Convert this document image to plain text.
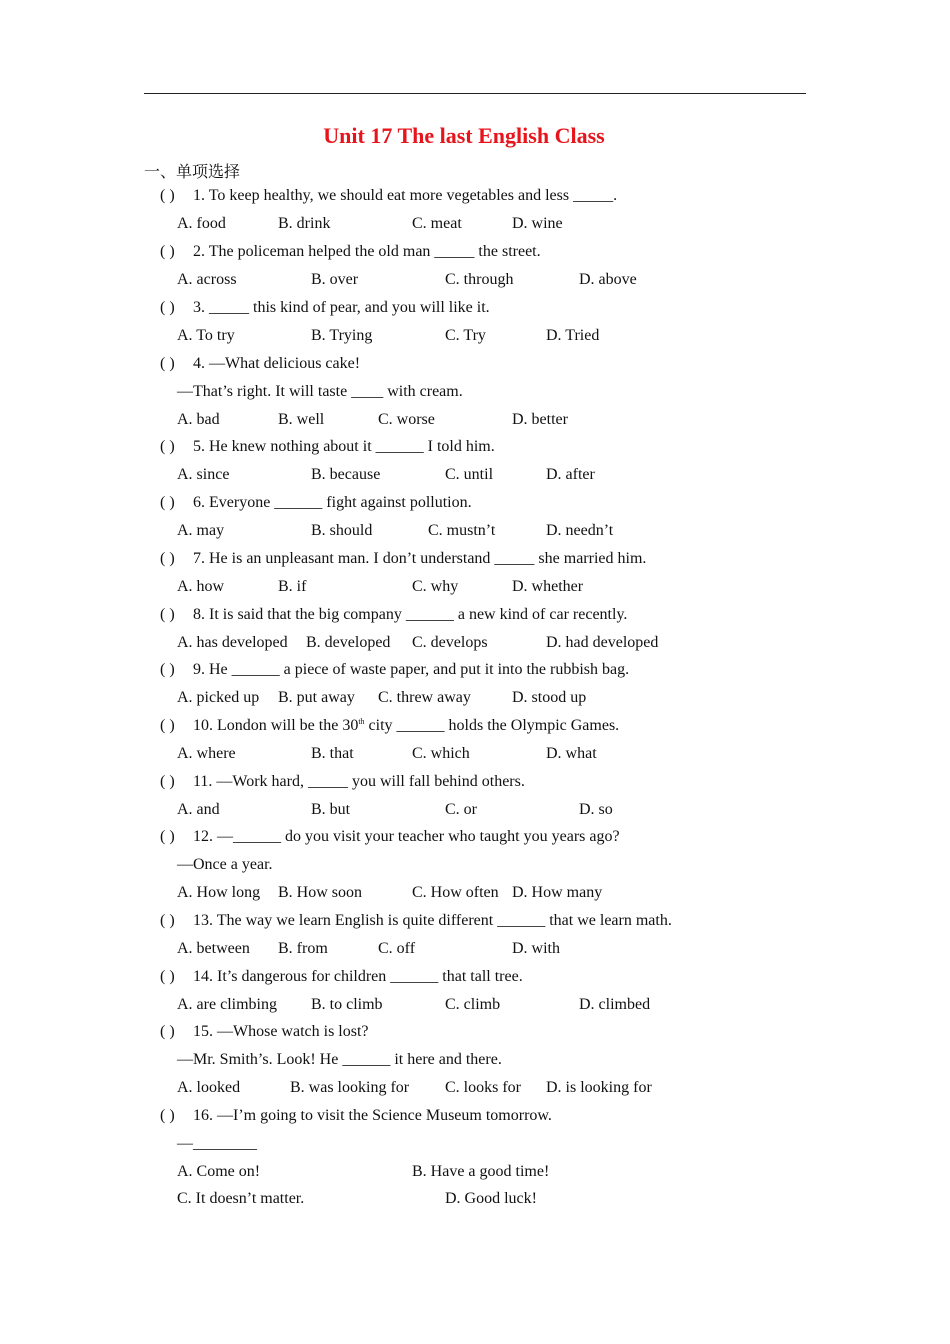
Unit 17 The last English Class
一、单项选择
( ) 1. To keep healthy, we should eat more vegetables and less _____.
A. food	B. drink	C. meat	D. wine
( ) 2. The policeman helped the old man _____ the street.
A. across	B. over	C. through	D. above
( ) 3. _____ this kind of pear, and you will like it.
A. To try	B. Trying	C. Try	D. Tried
( ) 4. —What delicious cake!
—That’s right. It will taste ____ with cream.
A. bad	B. well	C. worse	D. better
( ) 5. He knew nothing about it ______ I told him.
A. since	B. because	C. until	D. after
( ) 6. Everyone ______ fight against pollution.
A. may	B. should	C. mustn’t	D. needn’t
( ) 7. He is an unpleasant man. I don’t understand _____ she married him.
A. how	B. if	C. why	D. whether
( ) 8. It is said that the big company ______ a new kind of car recently.
A. has developed B. developed C. develops	D. had developed
( ) 9. He ______ a piece of waste paper, and put it into the rubbish bag.
A. picked up B. put away C. threw away	D. stood up
( ) 10. London will be the 30th city ______ holds the Olympic Games.
A. where	B. that	C. which	D. what
( ) 11. —Work hard, _____ you will fall behind others.
A. and	B. but	C. or	D. so
( ) 12. —______ do you visit your teacher who taught you years ago?
—Once a year.
A. How long B. How soon	C. How often D. How many
( ) 13. The way we learn English is quite different ______ that we learn math.
A. between B. from	C. off	D. with
( ) 14. It’s dangerous for children ______ that tall tree.
A. are climbing B. to climb	C. climb	D. climbed
( ) 15. —Whose watch is lost?
—Mr. Smith’s. Look! He ______ it here and there.
A. looked	B. was looking for C. looks for D. is looking for
( ) 16. —I’m going to visit the Science Museum tomorrow.
—________
A. Come on!	B. Have a good time!
C. It doesn’t matter.	D. Good luck!
